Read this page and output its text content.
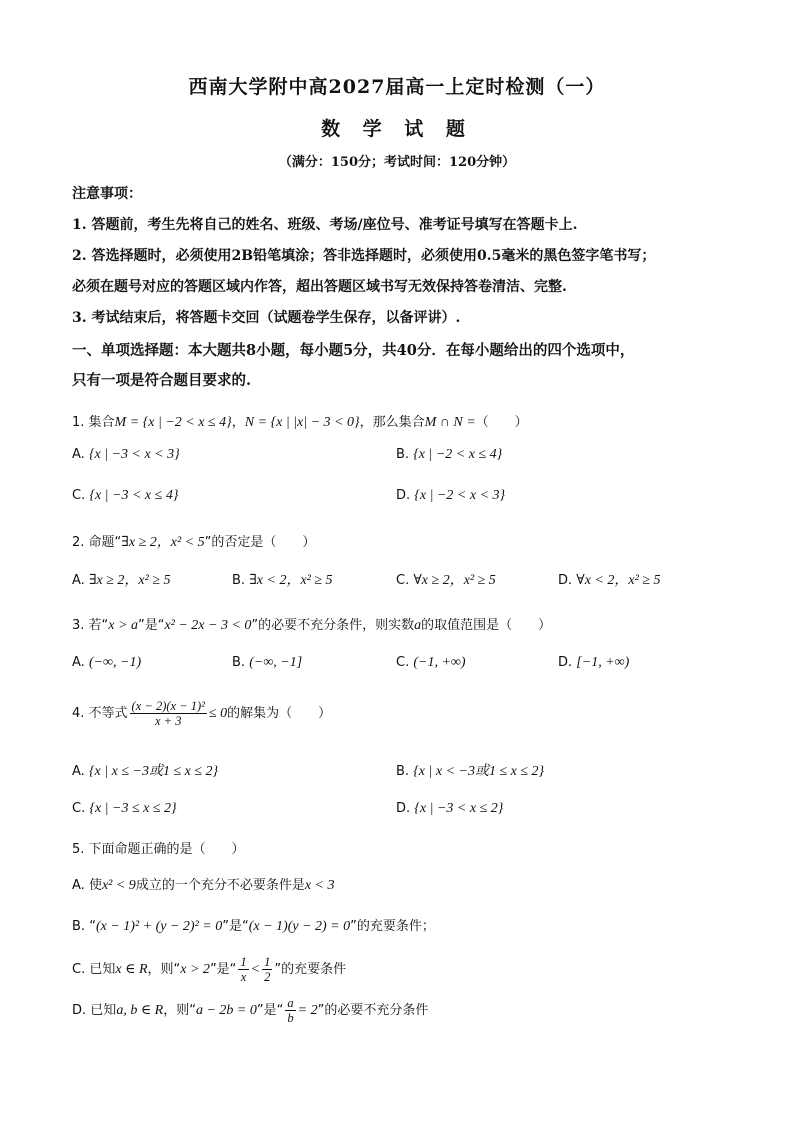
西南大学附中高2027届高一上定时检测（一）
数 学 试 题
（满分：150分；考试时间：120分钟）
注意事项：
1. 答题前，考生先将自己的姓名、班级、考场/座位号、准考证号填写在答题卡上.
2. 答选择题时，必须使用2B铅笔填涂；答非选择题时，必须使用0.5毫米的黑色签字笔书写；
必须在题号对应的答题区域内作答，超出答题区域书写无效保持答卷清洁、完整.
3. 考试结束后，将答题卡交回（试题卷学生保存，以备评讲）.
一、单项选择题：本大题共8小题，每小题5分，共40分．在每小题给出的四个选项中，
只有一项是符合题目要求的.
1. 集合M = {x | −2 < x ≤ 4}，N = {x | |x| − 3 < 0}，那么集合M ∩ N =（　　）
A. {x | −3 < x < 3}	B. {x | −2 < x ≤ 4}
C. {x | −3 < x ≤ 4}	D. {x | −2 < x < 3}
2. 命题“∃x ≥ 2，x² < 5”的否定是（　　）
A. ∃x ≥ 2，x² ≥ 5	B. ∃x < 2，x² ≥ 5	C. ∀x ≥ 2，x² ≥ 5	D. ∀x < 2，x² ≥ 5
3. 若“x > a”是“x² − 2x − 3 < 0”的必要不充分条件，则实数a的取值范围是（　　）
A. (−∞, −1)	B. (−∞, −1]	C. (−1, +∞)	D. [−1, +∞)
4. 不等式 $\frac{\text{(x − 2)(x − 1)²}}{x + 3} \le 0$的解集为（　　）
A. {x | x ≤ −3或1 ≤ x ≤ 2}	B. {x | x < −3或1 ≤ x ≤ 2}
C. {x | −3 ≤ x ≤ 2}	D. {x | −3 < x ≤ 2}
5. 下面命题正确的是（　　）
A. 使x² < 9成立的一个充分不必要条件是x < 3
B. “(x − 1)² + (y − 2)² = 0”是“(x − 1)(y − 2) = 0”的充要条件；
C. 已知x ∈ R，则“x > 2”是“ $\frac{1}{x} < \frac{1}{2}$ ”的充要条件
D. 已知a, b ∈ R，则“a − 2b = 0”是“ $\frac{a}{b} = 2$”的必要不充分条件
